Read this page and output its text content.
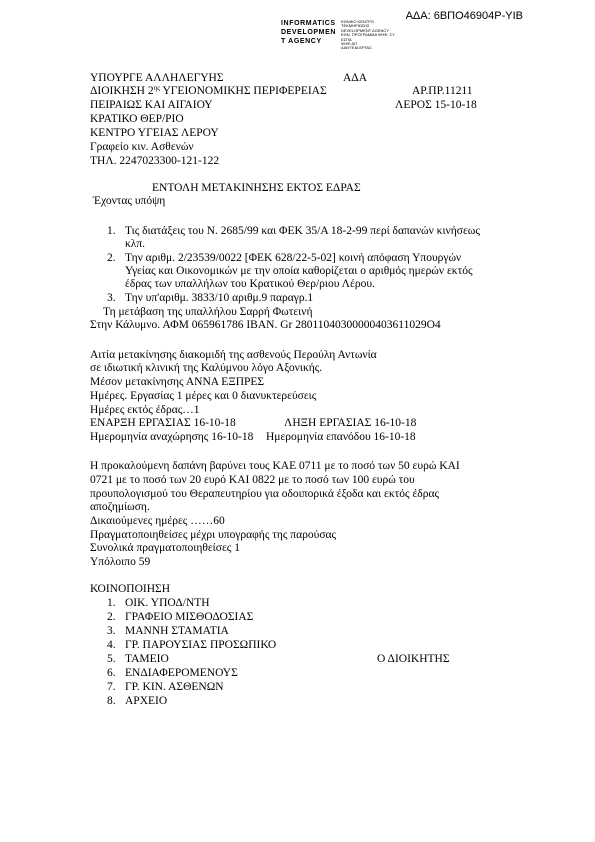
ΑΔΑ: 6ΒΠΟ46904Ρ-ΥΙΒ
INFORMATICS
DEVELOPMEN
T AGENCY
ΕΘΝΙΚΟ ΚΕΝΤΡΟ
ΤΕΚΜΗΡΙΩΣΗΣ
DEVELOPMENT AGENCY
ΕΘΝ. ΠΡΟΓΡΑΜΜΑ ΨΗΦ. ΣΥ
ΕΣΠΑ
ΨΗΦ.ΑΠ
ΔΙΑΥΓΕΙΑ ΕΡΓΑΣ.
ΥΠΟΥΡΓΕ ΑΛΛΗΛΕΓΥΗΣ	ΑΔΑ
ΔΙΟΙΚΗΣΗ $2^{\eta\varsigma}$ ΥΓΕΙΟΝΟΜΙΚΗΣ ΠΕΡΙΦΕΡΕΙΑΣ	ΑΡ.ΠΡ.11211
ΠΕΙΡΑΙΩΣ ΚΑΙ ΑΙΓΑΙΟΥ	ΛΕΡΟΣ 15-10-18
ΚΡΑΤΙΚΟ ΘΕΡ/ΡΙΟ
ΚΕΝΤΡΟ ΥΓΕΙΑΣ ΛΕΡΟΥ
Γραφείο κιν. Ασθενών
ΤΗΛ. 2247023300-121-122
ΕΝΤΟΛΗ ΜΕΤΑΚΙΝΗΣΗΣ ΕΚΤΟΣ ΕΔΡΑΣ
Έχοντας υπόψη
1. Τις διατάξεις του Ν. 2685/99 και ΦΕΚ 35/Α 18-2-99 περί δαπανών κινήσεως
κλπ.
2. Την αριθμ. 2/23539/0022 [ΦΕΚ 628/22-5-02] κοινή απόφαση Υπουργών
Υγείας και Οικονομικών με την οποία καθορίζεται ο αριθμός ημερών εκτός
έδρας των υπαλλήλων του Κρατικού Θερ/ριου Λέρου.
3. Την υπ'αριθμ. 3833/10 αριθμ.9 παραγρ.1
Τη μετάβαση της υπαλλήλου Σαρρή Φωτεινή
Στην Κάλυμνο. ΑΦΜ 065961786 IBAN. Gr 28011040300000403611029О4
Αιτία μετακίνησης διακομιδή της ασθενούς Περούλη Αντωνία
σε ιδιωτική κλινική της Καλύμνου λόγο Αξονικής.
Μέσον μετακίνησης ΑΝΝΑ ΕΞΠΡΕΣ
Ημέρες. Εργασίας 1 μέρες και 0 διανυκτερεύσεις
Ημέρες εκτός έδρας…1
ΕΝΑΡΞΗ ΕΡΓΑΣΙΑΣ 16-10-18	ΛΗΞΗ ΕΡΓΑΣΙΑΣ 16-10-18
Ημερομηνία αναχώρησης 16-10-18 Ημερομηνία επανόδου 16-10-18
Η προκαλούμενη δαπάνη βαρύνει τους ΚΑΕ 0711 με το ποσό των 50 ευρώ ΚΑΙ
0721 με το ποσό των 20 ευρό ΚΑΙ 0822 με το ποσό των 100 ευρώ του
προυπολογισμού του Θεραπευτηρίου για οδοιπορικά έξοδα και εκτός έδρας
αποζημίωση.
Δικαιούμενες ημέρες ……60
Πραγματοποιηθείσες μέχρι υπογραφής της παρούσας
Συνολικά πραγματοποιηθείσες 1
Υπόλοιπο 59
ΚΟΙΝΟΠΟΙΗΣΗ
1. ΟΙΚ. ΥΠΟΔ/ΝΤΗ
2. ΓΡΑΦΕΙΟ ΜΙΣΘΟΔΟΣΙΑΣ
3. ΜΑΝΝΗ ΣΤΑΜΑΤΙΑ
4. ΓΡ. ΠΑΡΟΥΣΙΑΣ ΠΡΟΣΩΠΙΚΟ
5. ΤΑΜΕΙΟ	Ο ΔΙΟΙΚΗΤΗΣ
6. ΕΝΔΙΑΦΕΡΟΜΕΝΟΥΣ
7. ΓΡ. ΚΙΝ. ΑΣΘΕΝΩΝ
8. ΑΡΧΕΙΟ
